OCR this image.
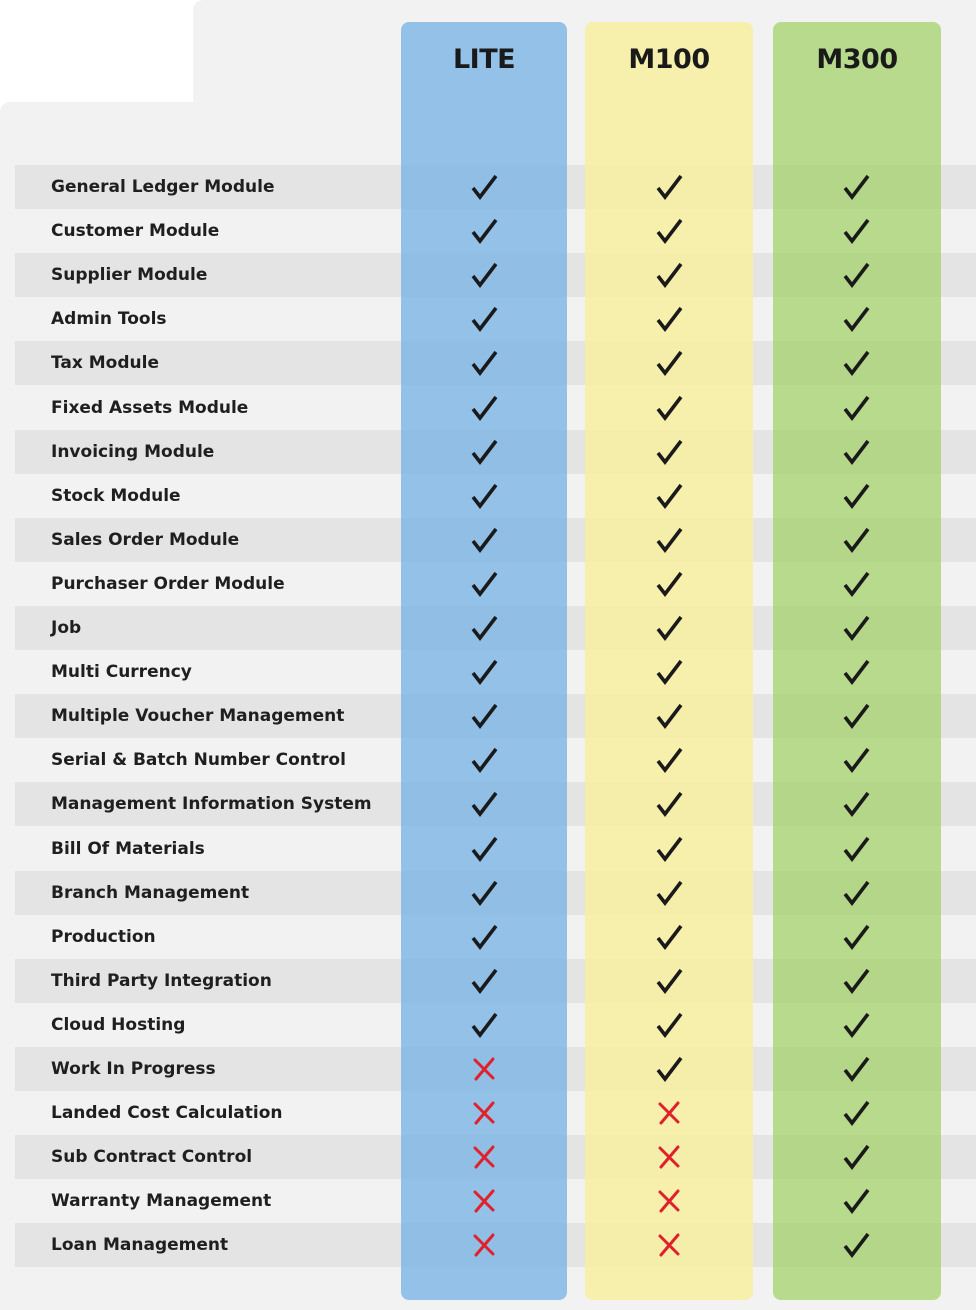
LITE	M100	M300
General Ledger Module
Customer Module
Supplier Module
Admin Tools
Tax Module
Fixed Assets Module
Invoicing Module
Stock Module
Sales Order Module
Purchaser Order Module
Job
Multi Currency
Multiple Voucher Management
Serial & Batch Number Control
Management Information System
Bill Of Materials
Branch Management
Production
Third Party Integration
Cloud Hosting
Work In Progress
Landed Cost Calculation
Sub Contract Control
Warranty Management
Loan Management
